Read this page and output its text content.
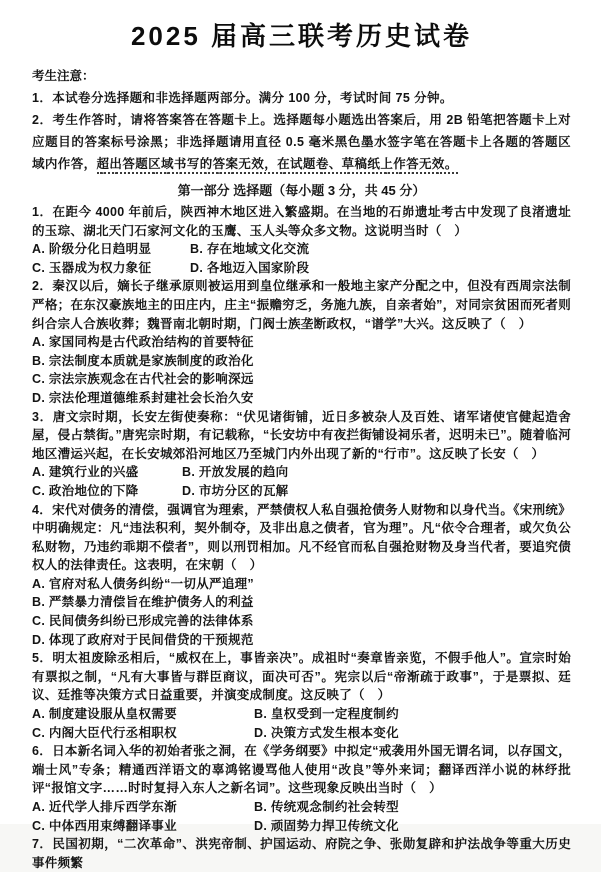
2025 届高三联考历史试卷

考生注意：

1．本试卷分选择题和非选择题两部分。满分 100 分，考试时间 75 分钟。

2．考生作答时，请将答案答在答题卡上。选择题每小题选出答案后，用 2B 铅笔把答题卡上对应题目的答案标号涂黑；非选择题请用直径 0.5 毫米黑色墨水签字笔在答题卡上各题的答题区域内作答，超出答题区域书写的答案无效，在试题卷、草稿纸上作答无效。

第一部分 选择题（每小题 3 分，共 45 分）

1．在距今 4000 年前后，陕西神木地区进入繁盛期。在当地的石峁遗址考古中发现了良渚遗址的玉琮、湖北天门石家河文化的玉鹰、玉人头等众多文物。这说明当时（　）

A. 阶级分化日趋明显	B. 存在地域文化交流
C. 玉器成为权力象征	D. 各地迈入国家阶段

2．秦汉以后，嫡长子继承原则被运用到皇位继承和一般地主家产分配之中，但没有西周宗法制严格；在东汉豪族地主的田庄内，庄主“振赡穷乏，务施九族，自亲者始”，对同宗贫困而死者则纠合宗人合族收葬；魏晋南北朝时期，门阀士族垄断政权，“谱学”大兴。这反映了（　）

A. 家国同构是古代政治结构的首要特征
B. 宗法制度本质就是家族制度的政治化
C. 宗法宗族观念在古代社会的影响深远
D. 宗法伦理道德维系封建社会长治久安

3．唐文宗时期，长安左街使奏称：“伏见诸街铺，近日多被杂人及百姓、诸军诸使官健起造舍屋，侵占禁街。”唐宪宗时期，有记载称，“长安坊中有夜拦街铺设祠乐者，迟明未已”。随着临河地区漕运兴起，在长安城郊沿河地区乃至城门内外出现了新的“行市”。这反映了长安（　）

A. 建筑行业的兴盛	B. 开放发展的趋向
C. 政治地位的下降	D. 市坊分区的瓦解

4．宋代对债务的清偿，强调官为理索，严禁债权人私自强抢债务人财物和以身代当。《宋刑统》中明确规定：凡“违法积利，契外制夺，及非出息之债者，官为理”。凡“依令合理者，或欠负公私财物，乃违约乖期不偿者”，则以刑罚相加。凡不经官而私自强抢财物及身当代者，要追究债权人的法律责任。这表明，在宋朝（　）

A. 官府对私人债务纠纷“一切从严追理”
B. 严禁暴力清偿旨在维护债务人的利益
C. 民间债务纠纷已形成完善的法律体系
D. 体现了政府对于民间借贷的干预规范

5．明太祖废除丞相后，“威权在上，事皆亲决”。成祖时“奏章皆亲览，不假手他人”。宣宗时始有票拟之制，“凡有大事皆与群臣商议，面决可否”。宪宗以后“帝渐疏于政事”，于是票拟、廷议、廷推等决策方式日益重要，并演变成制度。这反映了（　）

A. 制度建设服从皇权需要	B. 皇权受到一定程度制约
C. 内阁大臣代行丞相职权	D. 决策方式发生根本变化

6．日本新名词入华的初始者张之洞，在《学务纲要》中拟定“戒袭用外国无谓名词，以存国文，端士风”专条；精通西洋语文的辜鸿铭谩骂他人使用“改良”等外来词；翻译西洋小说的林纾批评“报馆文字……时时复挦入东人之新名词”。这些现象反映出当时（　）

A. 近代学人排斥西学东渐	B. 传统观念制约社会转型
C. 中体西用束缚翻译事业	D. 顽固势力捍卫传统文化

7．民国初期，“二次革命”、洪宪帝制、护国运动、府院之争、张勋复辟和护法战争等重大历史事件频繁
